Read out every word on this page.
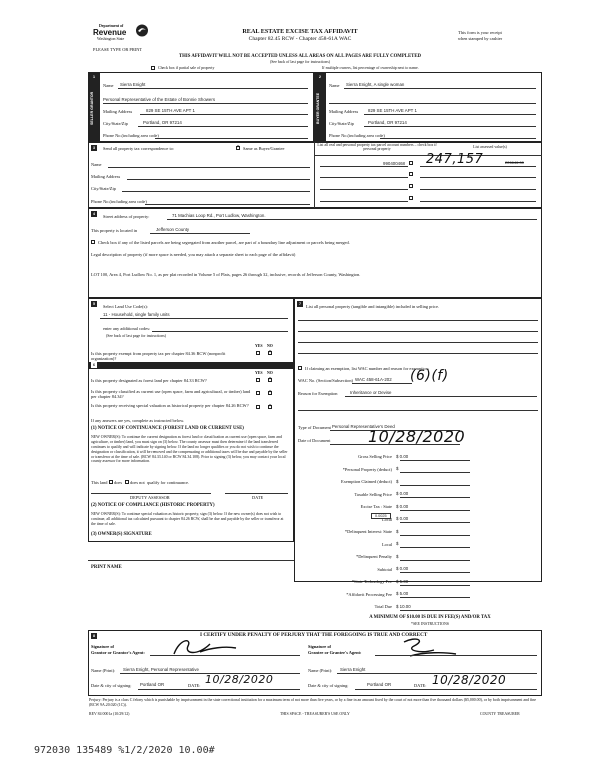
Department of
Revenue
Washington State
REAL ESTATE EXCISE TAX AFFIDAVIT
Chapter 82.45 RCW - Chapter 458-61A WAC
This form is your receipt
when stamped by cashier
PLEASE TYPE OR PRINT
THIS AFFIDAVIT WILL NOT BE ACCEPTED UNLESS ALL AREAS ON ALL PAGES ARE FULLY COMPLETED
(See back of last page for instructions)
Check box if partial sale of property	If multiple owners, list percentage of ownership next to name.
SELLER GRANTOR
1
BUYER GRANTEE
2
Name Sierra Enight
Personal Representative of the Estate of Bonnie Showers
Mailing Address	829 SE 15TH AVE APT 1
City/State/Zip	Portland, OR 97214
Phone No.(including area code)
Name Sierra Enight, A single woman
Mailing Address 829 SE 15TH AVE APT 1
City/State/Zip	Portland, OR 97214
Phone No.(including area code)
3	Send all property tax correspondence to: ×	Same as Buyer/Grantee
List all real and personal property tax parcel account numbers – check box if personal property
List assessed value(s)
Name
Mailing Address
City/State/Zip
Phone No.(including area code)
990400468 247,157	226646.00
4	Street address of property:	71 Machias Loop Rd., Port Ludlow, Washington.
This property is located in	Jefferson County
Check box if any of the listed parcels are being segregated from another parcel, are part of a boundary line adjustment or parcels being merged.
Legal description of property (if more space is needed, you may attach a separate sheet to each page of the affidavit)
LOT 100, Area 4, Port Ludlow No. 1, as per plat recorded in Volume 5 of Plats, pages 26 through 32, inclusive, records of Jefferson County, Washington.
5	Select Land Use Code(s):
11 - Household, single family units
enter any additional codes:
(See back of last page for instructions)
YES NO
Is this property exempt from property tax per chapter 84.36 RCW (nonprofit organization)?
×
6
YES NO
Is this property designated as forest land per chapter 84.33 RCW?
×
Is this property classified as current use (open space, farm and agricultural, or timber) land per chapter 84.34?
×
Is this property receiving special valuation as historical property per chapter 84.26 RCW?
×
If any answers are yes, complete as instructed below.
(1) NOTICE OF CONTINUANCE (FOREST LAND OR CURRENT USE)
NEW OWNER(S): To continue the current designation as forest land or classification as current use (open space, farm and agriculture, or timber) land, you must sign on (3) below. The county assessor must then determine if the land transferred continues to qualify and will indicate by signing below. If the land no longer qualifies or you do not wish to continue the designation or classification, it will be removed and the compensating or additional taxes will be due and payable by the seller or transferor at the time of sale. (RCW 84.33.140 or RCW 84.34.108). Prior to signing (3) below, you may contact your local county assessor for more information.
This land does does not qualify for continuance.
DEPUTY ASSESSOR	DATE
(2) NOTICE OF COMPLIANCE (HISTORIC PROPERTY)
NEW OWNER(S): To continue special valuation as historic property, sign (3) below. If the new owner(s) does not wish to continue, all additional tax calculated pursuant to chapter 84.26 RCW, shall be due and payable by the seller or transferor at the time of sale.
(3) OWNER(S) SIGNATURE
PRINT NAME
7	List all personal property (tangible and intangible) included in selling price.
If claiming an exemption, list WAC number and reason for exemption:
WAC No. (Section/Subsection) WAC 458-61A-202 (6)(f)
Reason for Exemption	Inheritance or Devise
Type of Document Personal Representative's Deed
Date of Document 10/28/2020
Gross Selling Price $ 0.00
*Personal Property (deduct) $
Exemption Claimed (deduct) $
Taxable Selling Price $ 0.00
Excise Tax : State $ 0.00
Local $ 0.00
*Delinquent Interest: State $
Local $
*Delinquent Penalty $
Subtotal $ 0.00
*State Technology Fee $ 5.00
*Affidavit Processing Fee $ 5.00
Total Due $ 10.00
0.0025
A MINIMUM OF $10.00 IS DUE IN FEE(S) AND/OR TAX
*SEE INSTRUCTIONS
8	I CERTIFY UNDER PENALTY OF PERJURY THAT THE FOREGOING IS TRUE AND CORRECT
Signature of
Grantor or Grantor's Agent:
Name (Print): Sierra Enight, Personal Representative
Date & city of signing: Portland OR	DATE: 10/28/2020
Signature of
Grantee or Grantee's Agent:
Name (Print): Sierra Enight
Date & city of signing:	Portland OR	DATE: 10/28/2020
Perjury: Perjury is a class C felony which is punishable by imprisonment in the state correctional institution for a maximum term of not more than five years, or by a fine in an amount fixed by the court of not more than five thousand dollars ($5,000.00), or by both imprisonment and fine (RCW 9A.20.020 (1C)).
REV 84 0001a (10/29/12)	THIS SPACE - TREASURER'S USE ONLY	COUNTY TREASURER
972030 135489 %1/2/2020 10.00#
